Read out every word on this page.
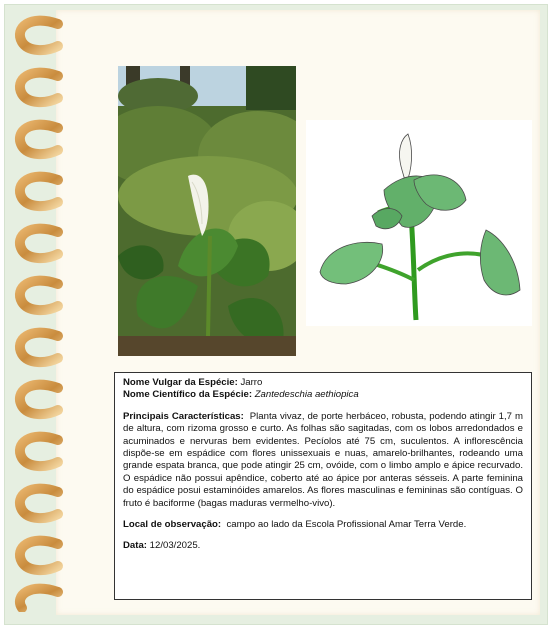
Nome Vulgar da Espécie: Jarro

Nome Científico da Espécie: Zantedeschia aethiopica

Principais Características: Planta vivaz, de porte herbáceo, robusta, podendo atingir 1,7 m de altura, com rizoma grosso e curto. As folhas são sagitadas, com os lobos arredondados e acuminados e nervuras bem evidentes. Pecíolos até 75 cm, suculentos. A inflorescência dispõe-se em espádice com flores unissexuais e nuas, amarelo-brilhantes, rodeando uma grande espata branca, que pode atingir 25 cm, ovóide, com o limbo amplo e ápice recurvado. O espádice não possui apêndice, coberto até ao ápice por anteras sésseis. A parte feminina do espádice posui estaminóides amarelos. As flores masculinas e femininas são contíguas. O fruto é baciforme (bagas maduras vermelho-vivo).

Local de observação: campo ao lado da Escola Profissional Amar Terra Verde.

Data: 12/03/2025.
